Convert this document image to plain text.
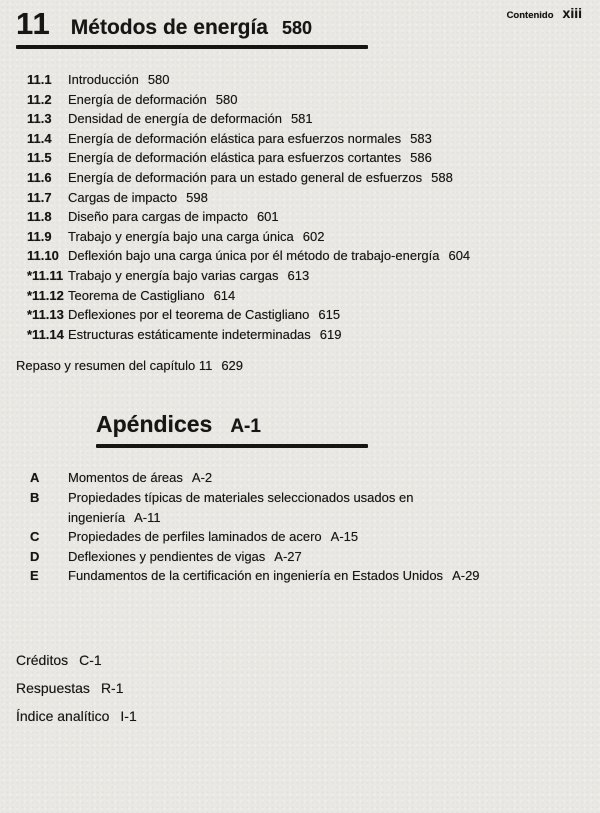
Contenido xiii
11 Métodos de energía 580
11.1	Introducción 580
11.2	Energía de deformación 580
11.3	Densidad de energía de deformación 581
11.4	Energía de deformación elástica para esfuerzos normales 583
11.5	Energía de deformación elástica para esfuerzos cortantes 586
11.6	Energía de deformación para un estado general de esfuerzos 588
11.7	Cargas de impacto 598
11.8	Diseño para cargas de impacto 601
11.9	Trabajo y energía bajo una carga única 602
11.10 Deflexión bajo una carga única por él método de trabajo-energía 604
*11.11 Trabajo y energía bajo varias cargas 613
*11.12 Teorema de Castigliano 614
*11.13 Deflexiones por el teorema de Castigliano 615
*11.14 Estructuras estáticamente indeterminadas 619
Repaso y resumen del capítulo 11 629
Apéndices A-1
A	Momentos de áreas A-2
B	Propiedades típicas de materiales seleccionados usados en ingeniería A-11
C	Propiedades de perfiles laminados de acero A-15
D	Deflexiones y pendientes de vigas A-27
E	Fundamentos de la certificación en ingeniería en Estados Unidos A-29
Créditos C-1
Respuestas R-1
Índice analítico I-1
